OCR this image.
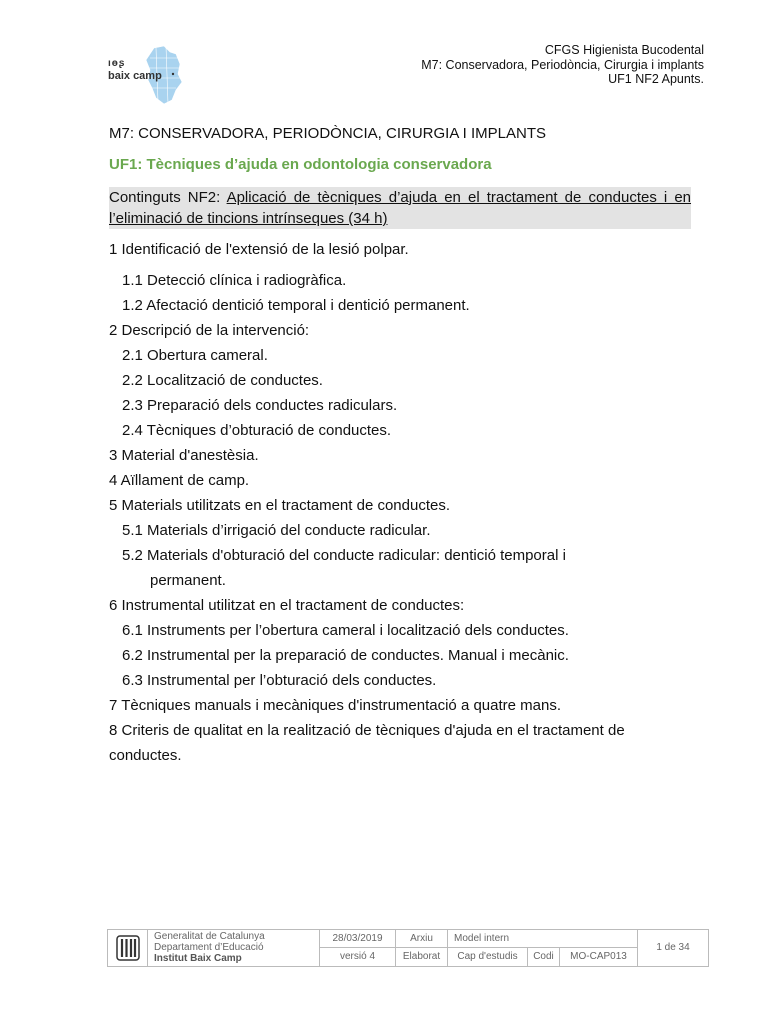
ıɵʂ
baix camp
CFGS Higienista Bucodental
M7: Conservadora, Periodòncia, Cirurgia i implants
UF1 NF2 Apunts.
M7: CONSERVADORA, PERIODÒNCIA, CIRURGIA I IMPLANTS
UF1: Tècniques d’ajuda en odontologia conservadora
Continguts NF2: Aplicació de tècniques d’ajuda en el tractament de conductes i en l’eliminació de tincions intrínseques (34 h)
1 Identificació de l'extensió de la lesió polpar.
1.1 Detecció clínica i radiogràfica.
1.2 Afectació dentició temporal i dentició permanent.
2 Descripció de la intervenció:
2.1 Obertura cameral.
2.2 Localització de conductes.
2.3 Preparació dels conductes radiculars.
2.4 Tècniques d’obturació de conductes.
3 Material d'anestèsia.
4 Aïllament de camp.
5 Materials utilitzats en el tractament de conductes.
5.1 Materials d’irrigació del conducte radicular.
5.2 Materials d'obturació del conducte radicular: dentició temporal i
permanent.
6 Instrumental utilitzat en el tractament de conductes:
6.1 Instruments per l’obertura cameral i localització dels conductes.
6.2 Instrumental per la preparació de conductes. Manual i mecànic.
6.3 Instrumental per l’obturació dels conductes.
7 Tècniques manuals i mecàniques d'instrumentació a quatre mans.
8 Criteris de qualitat en la realització de tècniques d'ajuda en el tractament de
conductes.
Generalitat de Catalunya
Departament d’Educació
Institut Baix Camp
28/03/2019
versió 4
Arxiu
Elaborat
Model intern
Cap d'estudis	Codi	MO-CAP013
1 de 34
